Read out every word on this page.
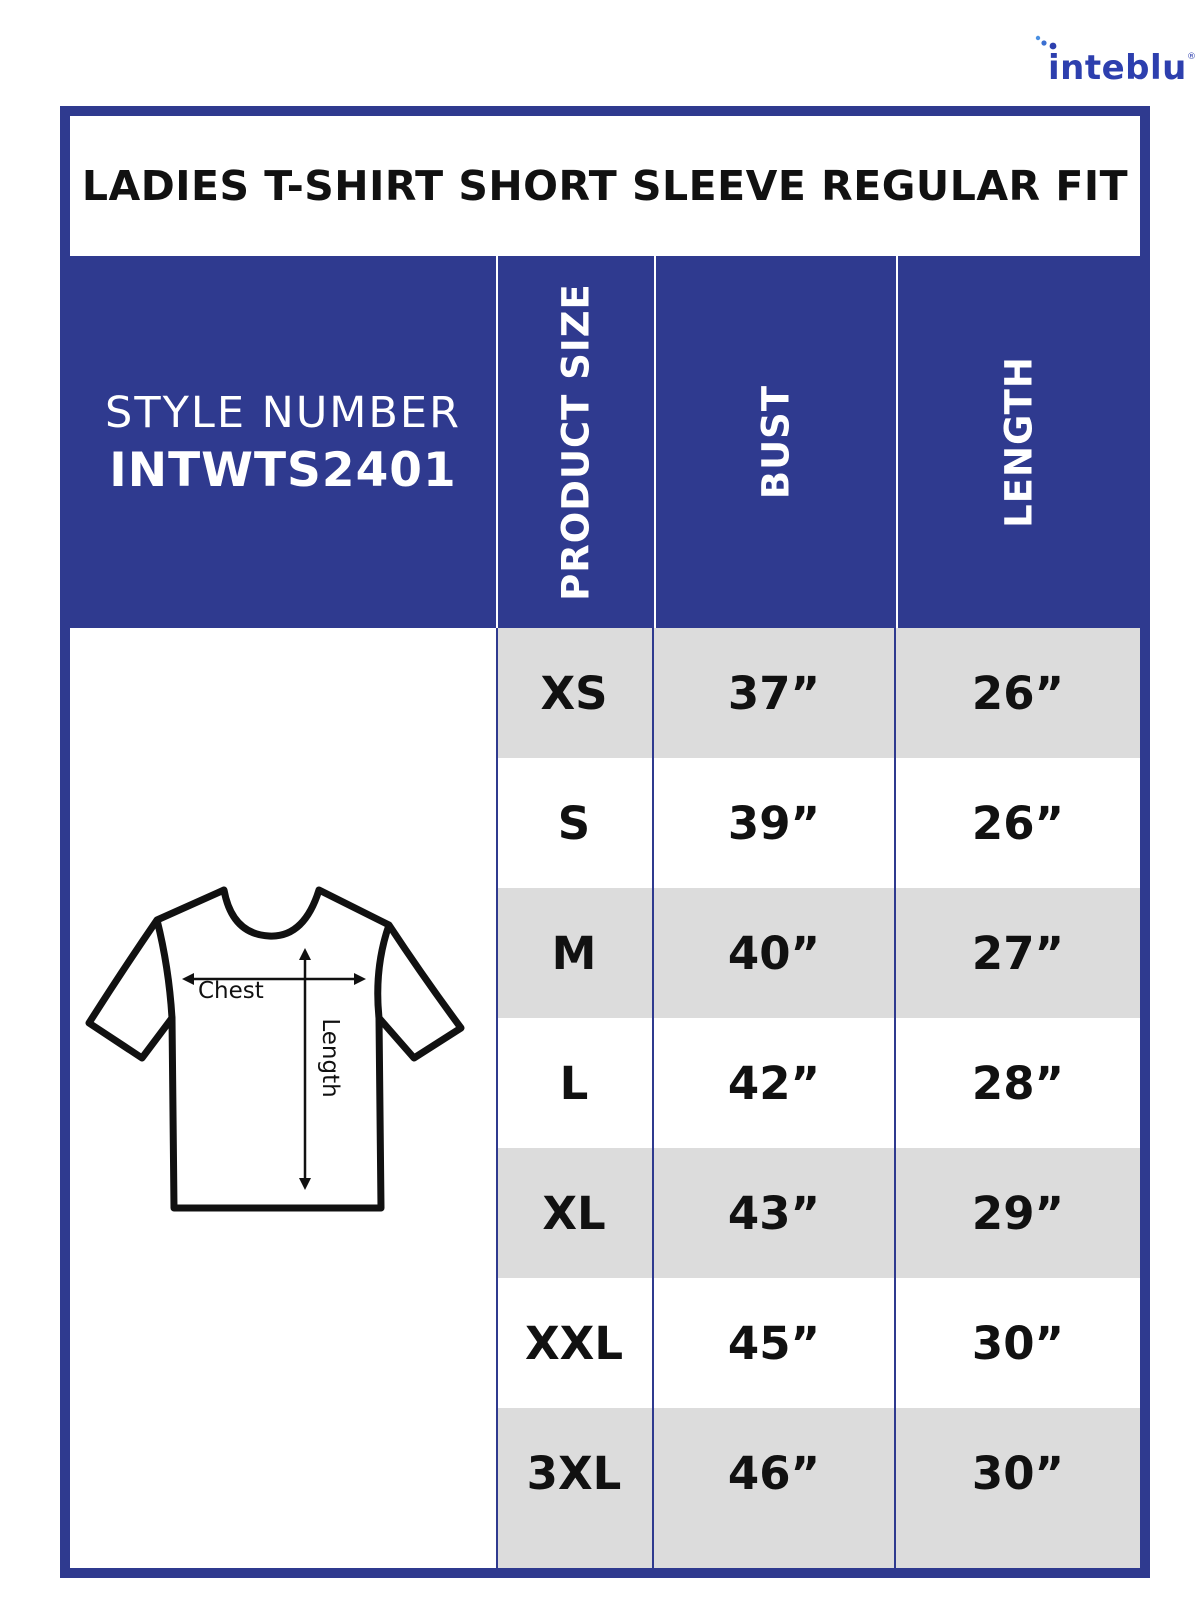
inteblu ®
LADIES T-SHIRT SHORT SLEEVE REGULAR FIT
STYLE NUMBER
INTWTS2401	PRODUCT SIZE	BUST	LENGTH
Chest
Length
XS	37”	26”
S	39”	26”
M	40”	27”
L	42”	28”
XL	43”	29”
XXL	45”	30”
3XL	46”	30”
